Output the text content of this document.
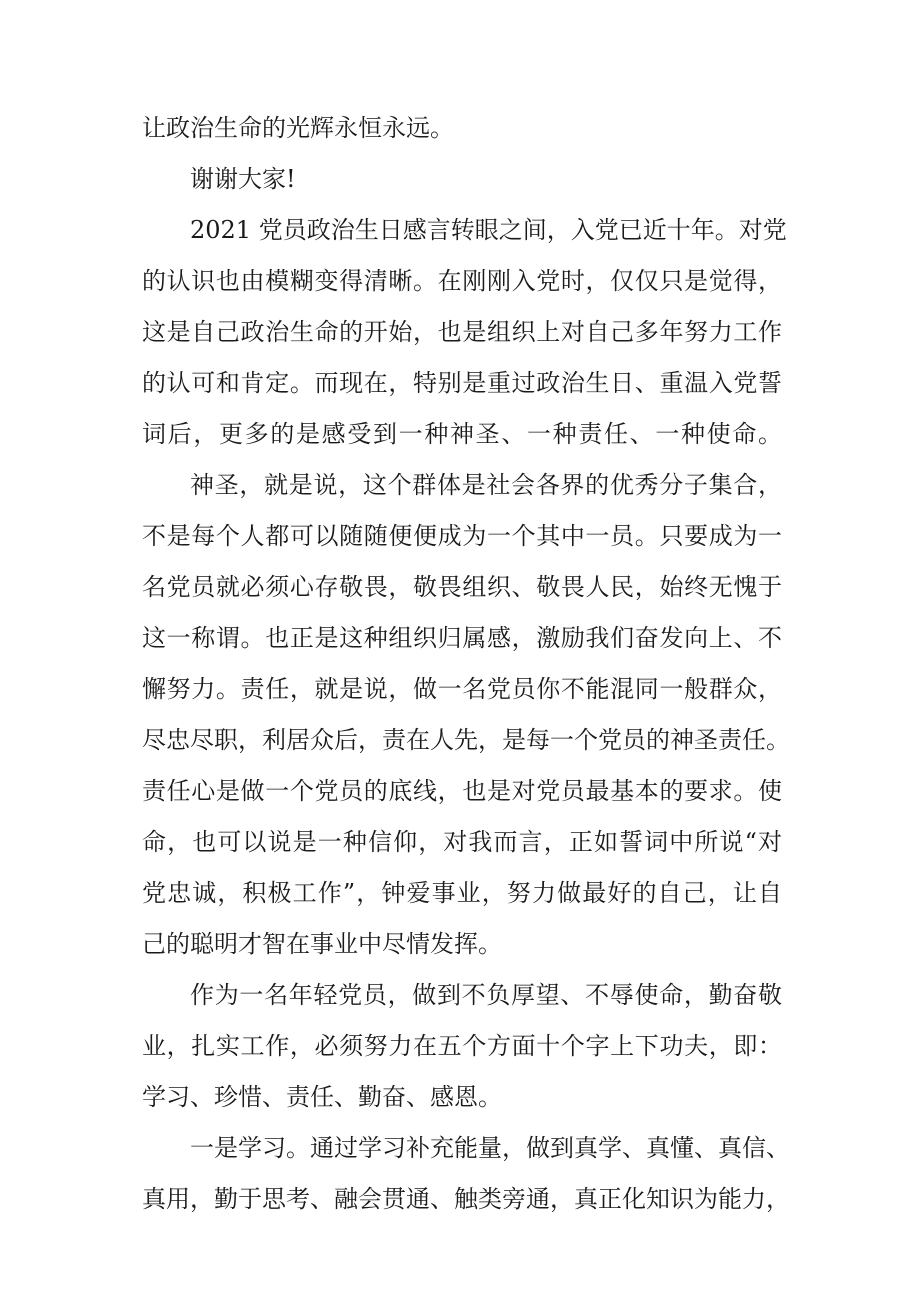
让政治生命的光辉永恒永远。
谢谢大家!
2021 党员政治生日感言转眼之间，入党已近十年。对党
的认识也由模糊变得清晰。在刚刚入党时，仅仅只是觉得，
这是自己政治生命的开始，也是组织上对自己多年努力工作
的认可和肯定。而现在，特别是重过政治生日、重温入党誓
词后，更多的是感受到一种神圣、一种责任、一种使命。
神圣，就是说，这个群体是社会各界的优秀分子集合，
不是每个人都可以随随便便成为一个其中一员。只要成为一
名党员就必须心存敬畏，敬畏组织、敬畏人民，始终无愧于
这一称谓。也正是这种组织归属感，激励我们奋发向上、不
懈努力。责任，就是说，做一名党员你不能混同一般群众，
尽忠尽职，利居众后，责在人先，是每一个党员的神圣责任。
责任心是做一个党员的底线，也是对党员最基本的要求。使
命，也可以说是一种信仰，对我而言，正如誓词中所说“对
党忠诚，积极工作”，钟爱事业，努力做最好的自己，让自
己的聪明才智在事业中尽情发挥。
作为一名年轻党员，做到不负厚望、不辱使命，勤奋敬
业，扎实工作，必须努力在五个方面十个字上下功夫，即：
学习、珍惜、责任、勤奋、感恩。
一是学习。通过学习补充能量，做到真学、真懂、真信、
真用，勤于思考、融会贯通、触类旁通，真正化知识为能力，
